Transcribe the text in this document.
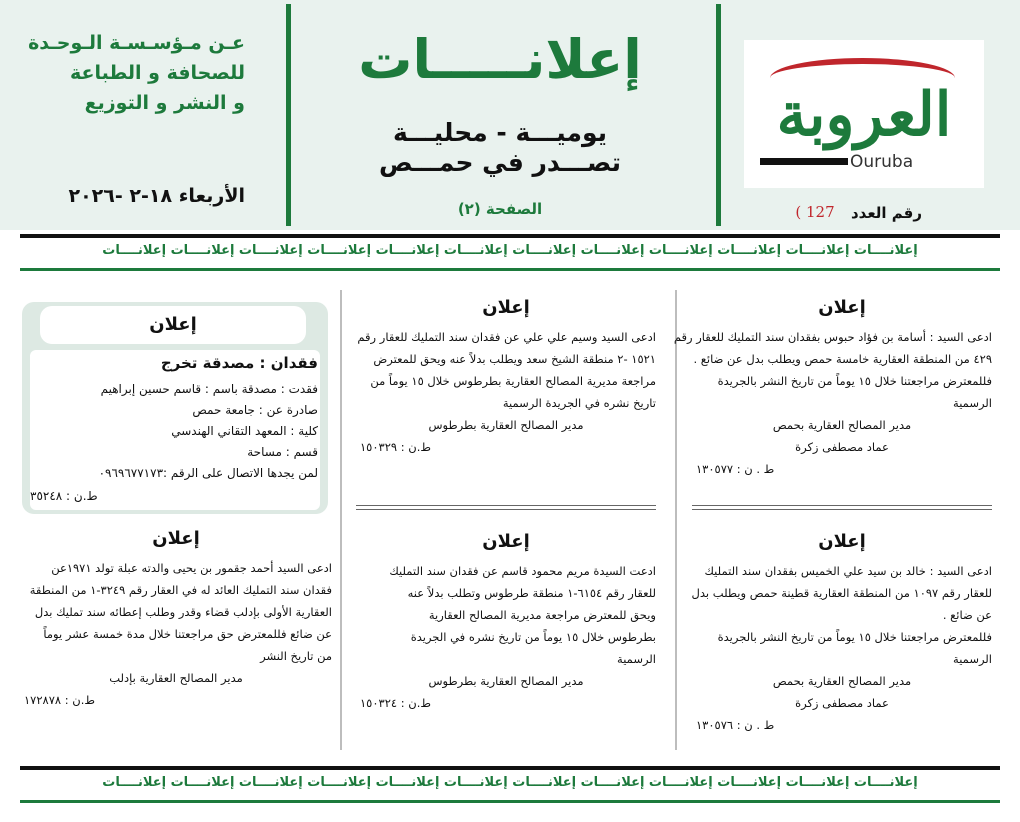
العروبة
Ouruba
رقم العدد
( 127
إعلانـــــات
يوميـــة - محليـــة
تصـــدر في حمـــص
الصفحة (٢)
عـن مـؤسـسـة الـوحـدة
للصحافة و الطباعة
و النشر و التوزيع
الأربعاء ١٨-٢ -٢٠٢٦
إعلانــــات إعلانــــات إعلانــــات إعلانــــات إعلانــــات إعلانــــات إعلانــــات إعلانــــات إعلانــــات إعلانــــات إعلانــــات إعلانــــات
إعلان
ادعى السيد : أسامة بن فؤاد حبوس بفقدان سند التمليك للعقار رقم
٤٢٩ من المنطقة العقارية خامسة حمص ويطلب بدل عن ضائع .
فللمعترض مراجعتنا خلال ١٥ يوماً من تاريخ النشر بالجريدة
الرسمية
مدير المصالح العقارية بحمص
عماد مصطفى زكرة
ط . ن : ١٣٠٥٧٧
إعلان
ادعى السيد وسيم علي علي عن فقدان سند التمليك للعقار رقم
١٥٢١ -٢ منطقة الشيخ سعد ويطلب بدلاً عنه ويحق للمعترض
مراجعة مديرية المصالح العقارية بطرطوس خلال ١٥ يوماً من
تاريخ نشره في الجريدة الرسمية
مدير المصالح العقارية بطرطوس
ط.ن : ١٥٠٣٢٩
إعلان
فقدان : مصدقة تخرج
فقدت : مصدقة باسم : قاسم حسين إبراهيم
صادرة عن : جامعة حمص
كلية : المعهد التقاني الهندسي
قسم : مساحة
لمن يجدها الاتصال على الرقم :٠٩٦٩٦٧٧١٧٣
ط.ن : ٣٥٢٤٨
إعلان
ادعى السيد : خالد بن سيد علي الخميس بفقدان سند التمليك
للعقار رقم ١٠٩٧ من المنطقة العقارية قطينة حمص ويطلب بدل
عن ضائع .
فللمعترض مراجعتنا خلال ١٥ يوماً من تاريخ النشر بالجريدة
الرسمية
مدير المصالح العقارية بحمص
عماد مصطفى زكرة
ط . ن : ١٣٠٥٧٦
إعلان
ادعت السيدة مريم محمود قاسم عن فقدان سند التمليك
للعقار رقم ٦١٥٤-١ منطقة طرطوس وتطلب بدلاً عنه
ويحق للمعترض مراجعة مديرية المصالح العقارية
بطرطوس خلال ١٥ يوماً من تاريخ نشره في الجريدة
الرسمية
مدير المصالح العقارية بطرطوس
ط.ن : ١٥٠٣٢٤
إعلان
ادعى السيد أحمد جقمور بن يحيى والدته عبلة تولد ١٩٧١عن
فقدان سند التمليك العائد له في العقار رقم ٣٢٤٩-١ من المنطقة
العقارية الأولى بإدلب قضاء وقدر وطلب إعطائه سند تمليك بدل
عن ضائع فللمعترض حق مراجعتنا خلال مدة خمسة عشر يوماً
من تاريخ النشر
مدير المصالح العقارية بإدلب
ط.ن : ١٧٢٨٧٨
إعلانــــات إعلانــــات إعلانــــات إعلانــــات إعلانــــات إعلانــــات إعلانــــات إعلانــــات إعلانــــات إعلانــــات إعلانــــات إعلانــــات
